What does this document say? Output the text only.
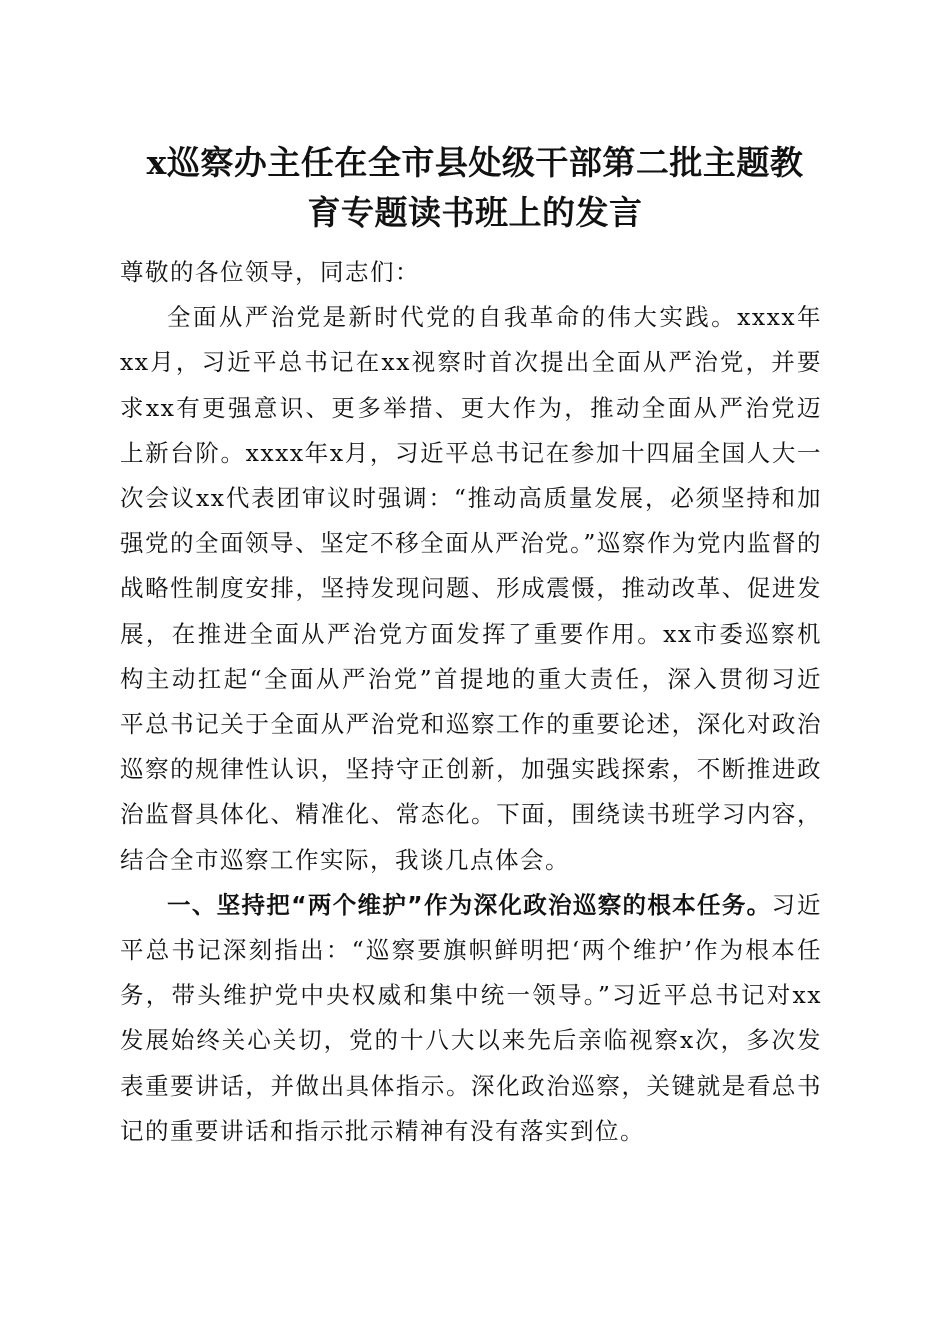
x巡察办主任在全市县处级干部第二批主题教
育专题读书班上的发言

尊敬的各位领导，同志们：

全面从严治党是新时代党的自我革命的伟大实践。xxxx年xx月，习近平总书记在xx视察时首次提出全面从严治党，并要求xx有更强意识、更多举措、更大作为，推动全面从严治党迈上新台阶。xxxx年x月，习近平总书记在参加十四届全国人大一次会议xx代表团审议时强调：“推动高质量发展，必须坚持和加强党的全面领导、坚定不移全面从严治党。”巡察作为党内监督的战略性制度安排，坚持发现问题、形成震慑，推动改革、促进发展，在推进全面从严治党方面发挥了重要作用。xx市委巡察机构主动扛起“全面从严治党”首提地的重大责任，深入贯彻习近平总书记关于全面从严治党和巡察工作的重要论述，深化对政治巡察的规律性认识，坚持守正创新，加强实践探索，不断推进政治监督具体化、精准化、常态化。下面，围绕读书班学习内容，结合全市巡察工作实际，我谈几点体会。

一、坚持把“两个维护”作为深化政治巡察的根本任务。习近平总书记深刻指出：“巡察要旗帜鲜明把‘两个维护’作为根本任务，带头维护党中央权威和集中统一领导。”习近平总书记对xx发展始终关心关切，党的十八大以来先后亲临视察x次，多次发表重要讲话，并做出具体指示。深化政治巡察，关键就是看总书记的重要讲话和指示批示精神有没有落实到位。
